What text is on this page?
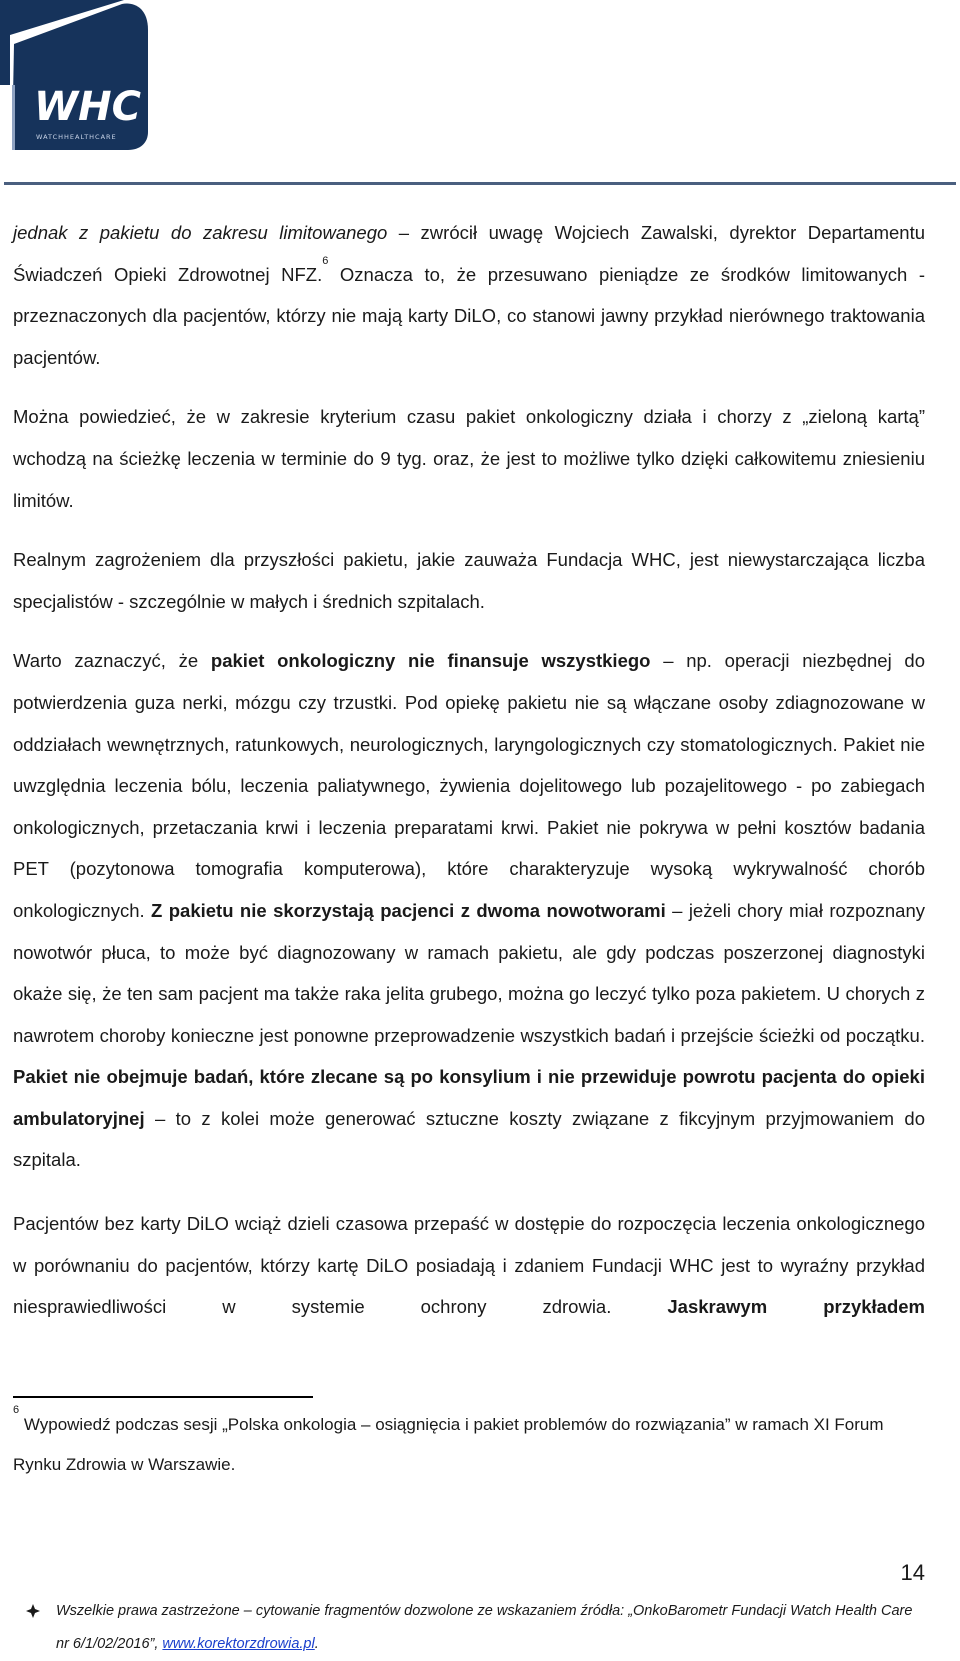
WHC
WATCHHEALTHCARE

jednak z pakietu do zakresu limitowanego – zwrócił uwagę Wojciech Zawalski, dyrektor Departamentu Świadczeń Opieki Zdrowotnej NFZ.$^6$ Oznacza to, że przesuwano pieniądze ze środków limitowanych - przeznaczonych dla pacjentów, którzy nie mają karty DiLO, co stanowi jawny przykład nierównego traktowania pacjentów.

Można powiedzieć, że w zakresie kryterium czasu pakiet onkologiczny działa i chorzy z „zieloną kartą” wchodzą na ścieżkę leczenia w terminie do 9 tyg. oraz, że jest to możliwe tylko dzięki całkowitemu zniesieniu limitów.

Realnym zagrożeniem dla przyszłości pakietu, jakie zauważa Fundacja WHC, jest niewystarczająca liczba specjalistów - szczególnie w małych i średnich szpitalach.

Warto zaznaczyć, że pakiet onkologiczny nie finansuje wszystkiego – np. operacji niezbędnej do potwierdzenia guza nerki, mózgu czy trzustki. Pod opiekę pakietu nie są włączane osoby zdiagnozowane w oddziałach wewnętrznych, ratunkowych, neurologicznych, laryngologicznych czy stomatologicznych. Pakiet nie uwzględnia leczenia bólu, leczenia paliatywnego, żywienia dojelitowego lub pozajelitowego - po zabiegach onkologicznych, przetaczania krwi i leczenia preparatami krwi. Pakiet nie pokrywa w pełni kosztów badania PET (pozytonowa tomografia komputerowa), które charakteryzuje wysoką wykrywalność chorób onkologicznych. Z pakietu nie skorzystają pacjenci z dwoma nowotworami – jeżeli chory miał rozpoznany nowotwór płuca, to może być diagnozowany w ramach pakietu, ale gdy podczas poszerzonej diagnostyki okaże się, że ten sam pacjent ma także raka jelita grubego, można go leczyć tylko poza pakietem. U chorych z nawrotem choroby konieczne jest ponowne przeprowadzenie wszystkich badań i przejście ścieżki od początku. Pakiet nie obejmuje badań, które zlecane są po konsylium i nie przewiduje powrotu pacjenta do opieki ambulatoryjnej – to z kolei może generować sztuczne koszty związane z fikcyjnym przyjmowaniem do szpitala.

Pacjentów bez karty DiLO wciąż dzieli czasowa przepaść w dostępie do rozpoczęcia leczenia onkologicznego w porównaniu do pacjentów, którzy kartę DiLO posiadają i zdaniem Fundacji WHC jest to wyraźny przykład niesprawiedliwości w systemie ochrony zdrowia. Jaskrawym przykładem

$^6$ Wypowiedź podczas sesji „Polska onkologia – osiągnięcia i pakiet problemów do rozwiązania” w ramach XI Forum Rynku Zdrowia w Warszawie.
14
Wszelkie prawa zastrzeżone – cytowanie fragmentów dozwolone ze wskazaniem źródła: „OnkoBarometr Fundacji Watch Health Care nr 6/1/02/2016”, www.korektorzdrowia.pl.
